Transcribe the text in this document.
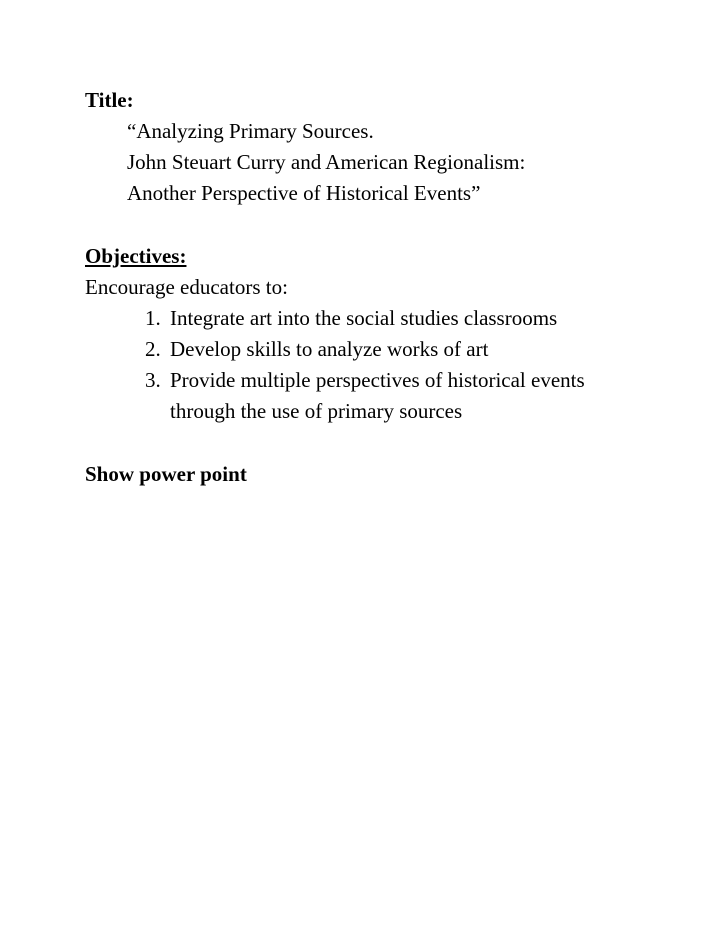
Title:
“Analyzing Primary Sources.
John Steuart Curry and American Regionalism:
Another Perspective of Historical Events”
Objectives:
Encourage educators to:
1. Integrate art into the social studies classrooms
2. Develop skills to analyze works of art
3. Provide multiple perspectives of historical events
through the use of primary sources
Show power point
